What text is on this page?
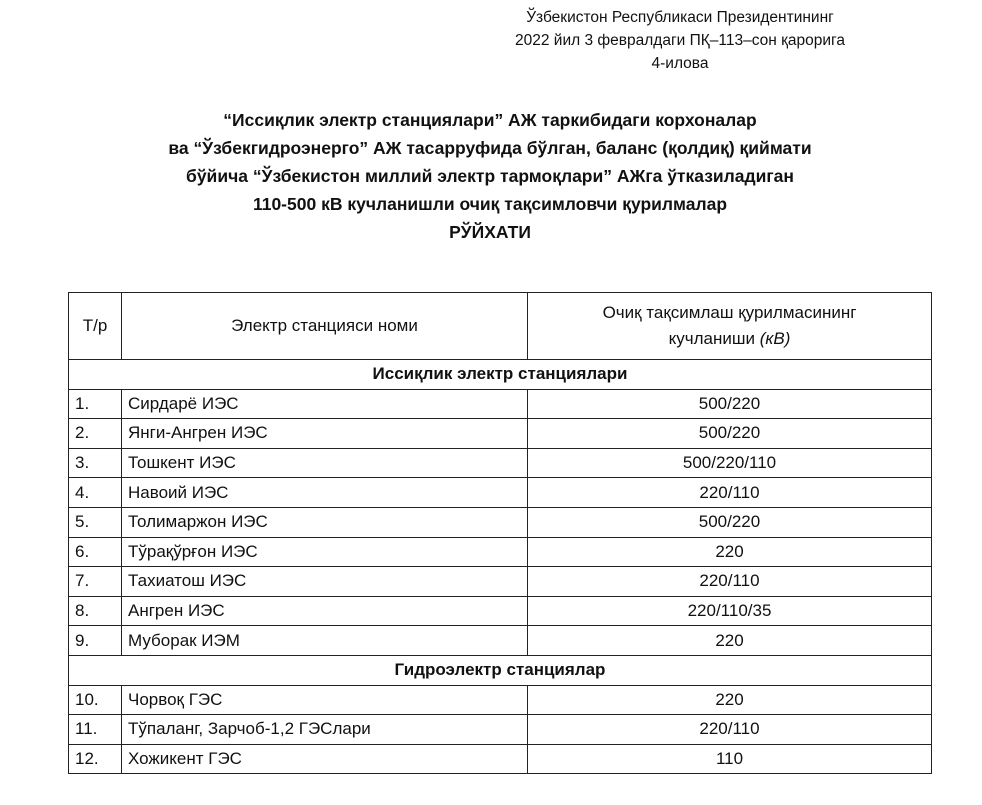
Ўзбекистон Республикаси Президентининг
2022 йил 3 февралдаги ПҚ–113–сон қарорига
4-илова
“Иссиқлик электр станциялари” АЖ таркибидаги корхоналар
ва “Ўзбекгидроэнерго” АЖ тасарруфида бўлган, баланс (қолдиқ) қиймати
бўйича “Ўзбекистон миллий электр тармоқлари” АЖга ўтказиладиган
110-500 кВ кучланишли очиқ тақсимловчи қурилмалар
РЎЙХАТИ
Т/р	Электр станцияси номи	Очиқ тақсимлаш қурилмасининг
кучланиши (кВ)

Иссиқлик электр станциялари		
1.	Сирдарё ИЭС	500/220
2.	Янги-Ангрен ИЭС	500/220
3.	Тошкент ИЭС	500/220/110
4.	Навоий ИЭС	220/110
5.	Толимаржон ИЭС	500/220
6.	Тўрақўрғон ИЭС	220
7.	Тахиатош ИЭС	220/110
8.	Ангрен ИЭС	220/110/35
9.	Муборак ИЭМ	220
Гидроэлектр станциялар		
10.	Чорвоқ ГЭС	220
11.	Тўпаланг, Зарчоб-1,2 ГЭСлари	220/110
12.	Хожикент ГЭС	110
